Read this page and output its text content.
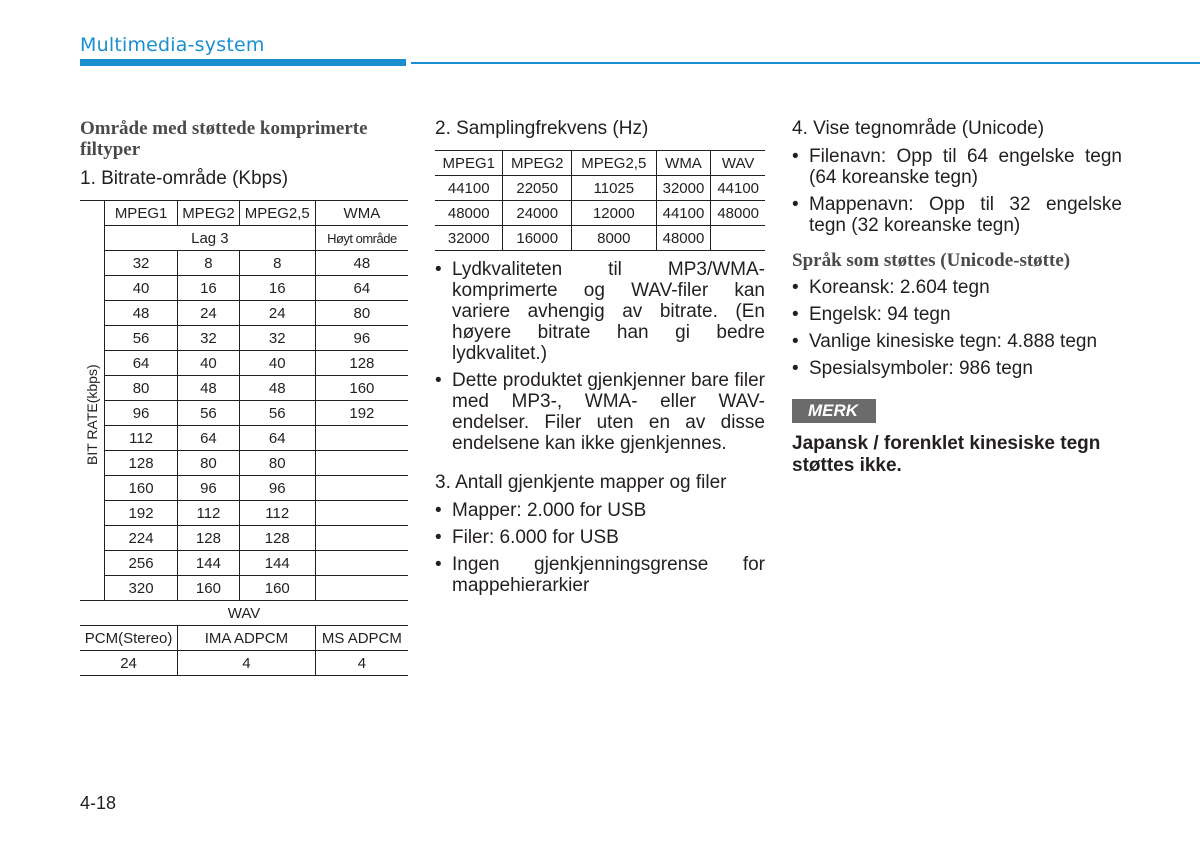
Multimedia-system
Område med støttede komprimerte filtyper
1. Bitrate-område (Kbps)
	MPEG1	MPEG2	MPEG2,5	WMA
	Lag 3			Høyt område
	32	8	8	48
	40	16	16	64
	48	24	24	80
	56	32	32	96
	64	40	40	128
	80	48	48	160
	96	56	56	192
	112	64	64	
	128	80	80	
	160	96	96	
	192	112	112	
	224	128	128	
	256	144	144	
	320	160	160	
WAV				
PCM(Stereo)		IMA ADPCM		MS ADPCM
24		4		4
BIT RATE(kbps)
2. Samplingfrekvens (Hz)
MPEG1	MPEG2	MPEG2,5	WMA	WAV
44100	22050	11025	32000	44100
48000	24000	12000	44100	48000
32000	16000	8000	48000	
• Lydkvaliteten til MP3/WMA-komprimerte og WAV-filer kan variere avhengig av bitrate. (En høyere bitrate han gi bedre lydkvalitet.)
• Dette produktet gjenkjenner bare filer med MP3-, WMA- eller WAV-endelser. Filer uten en av disse endelsene kan ikke gjenkjennes.
3. Antall gjenkjente mapper og filer
• Mapper: 2.000 for USB
• Filer: 6.000 for USB
• Ingen gjenkjenningsgrense for mappehierarkier
4. Vise tegnområde (Unicode)
• Filenavn: Opp til 64 engelske tegn (64 koreanske tegn)
• Mappenavn: Opp til 32 engelske tegn (32 koreanske tegn)
Språk som støttes (Unicode-støtte)
• Koreansk: 2.604 tegn
• Engelsk: 94 tegn
• Vanlige kinesiske tegn: 4.888 tegn
• Spesialsymboler: 986 tegn
MERK
Japansk / forenklet kinesiske tegn støttes ikke.
4-18
